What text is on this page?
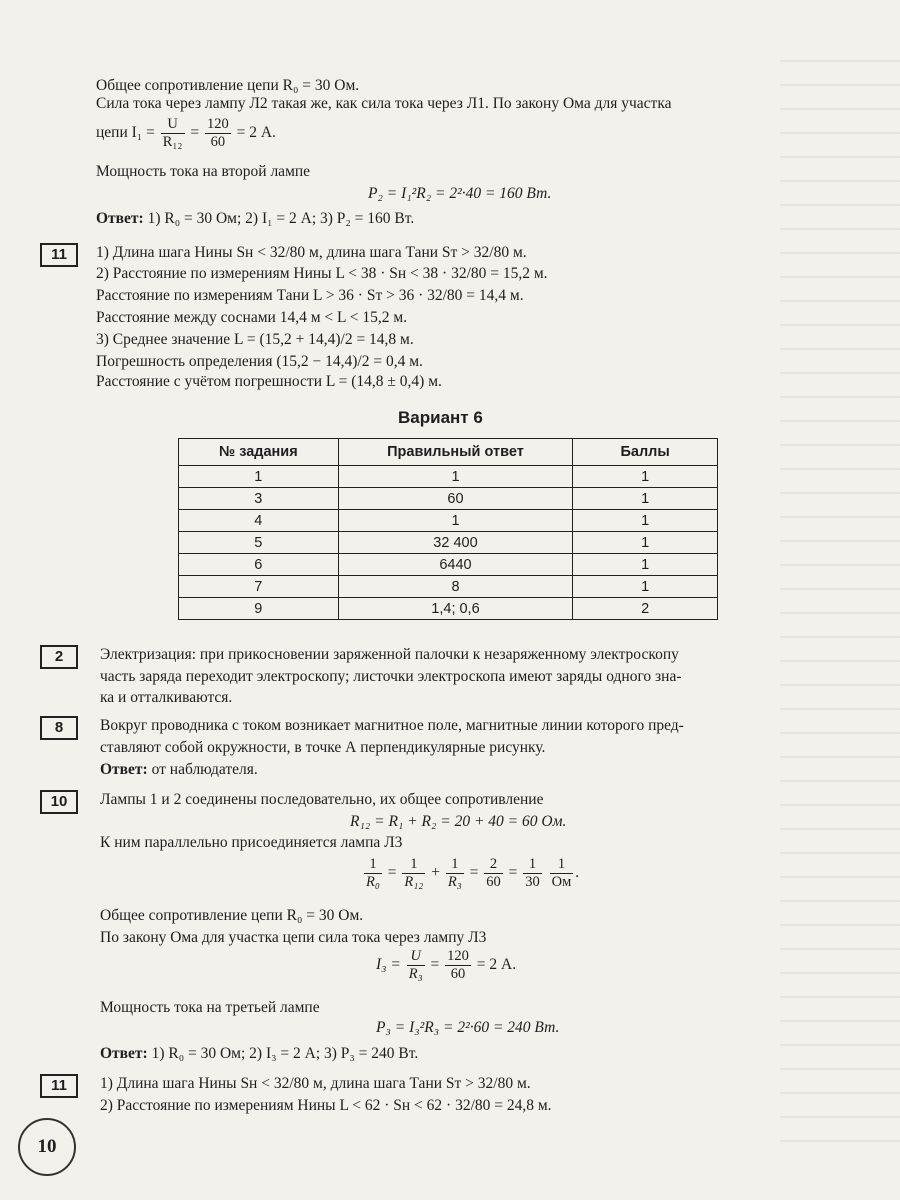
Общее сопротивление цепи R₀ = 30 Ом.
Сила тока через лампу Л2 такая же, как сила тока через Л1. По закону Ома для участка
цепи $I_1 = \frac{U}{\text{R₁₂}} = \frac{120}{60} = 2$ А.
Мощность тока на второй лампе
P₂ = I₁²R₂ = 2²·40 = 160 Вт.
Ответ: 1) R₀ = 30 Ом; 2) I₁ = 2 А; 3) P₂ = 160 Вт.
11	1) Длина шага Нины Sн < 32/80 м, длина шага Тани Sт > 32/80 м.
2) Расстояние по измерениям Нины L < 38 · Sн < 38 · 32/80 = 15,2 м.
Расстояние по измерениям Тани L > 36 · Sт > 36 · 32/80 = 14,4 м.
Расстояние между соснами 14,4 м < L < 15,2 м.
3) Среднее значение L = (15,2 + 14,4)/2 = 14,8 м.
Погрешность определения (15,2 − 14,4)/2 = 0,4 м.
Расстояние с учётом погрешности L = (14,8 ± 0,4) м.
Вариант 6
№ задания	Правильный ответ	Баллы
1	1	1
3	60	1
4	1	1
5	32 400	1
6	6440	1
7	8	1
9	1,4; 0,6	2
2	Электризация: при прикосновении заряженной палочки к незаряженному электроскопу
часть заряда переходит электроскопу; листочки электроскопа имеют заряды одного зна-
ка и отталкиваются.
8	Вокруг проводника с током возникает магнитное поле, магнитные линии которого пред-
ставляют собой окружности, в точке А перпендикулярные рисунку.
Ответ: от наблюдателя.
10	Лампы 1 и 2 соединены последовательно, их общее сопротивление
R₁₂ = R₁ + R₂ = 20 + 40 = 60 Ом.
К ним параллельно присоединяется лампа Л3
$\frac{1}{\text{R₀}} = \frac{1}{\text{R₁₂}} + \frac{1}{\text{R₃}} = \frac{2}{60} = \frac{1}{30}$
$\frac{1}{Ом}$ .
Общее сопротивление цепи R₀ = 30 Ом.
По закону Ома для участка цепи сила тока через лампу Л3
$I_3 = \frac{U}{\text{R₃}} = \frac{120}{60} = 2$ А.
Мощность тока на третьей лампе
P₃ = I₃²R₃ = 2²·60 = 240 Вт.
Ответ: 1) R₀ = 30 Ом; 2) I₃ = 2 А; 3) P₃ = 240 Вт.
11	1) Длина шага Нины Sн < 32/80 м, длина шага Тани Sт > 32/80 м.
2) Расстояние по измерениям Нины L < 62 · Sн < 62 · 32/80 = 24,8 м.
10
